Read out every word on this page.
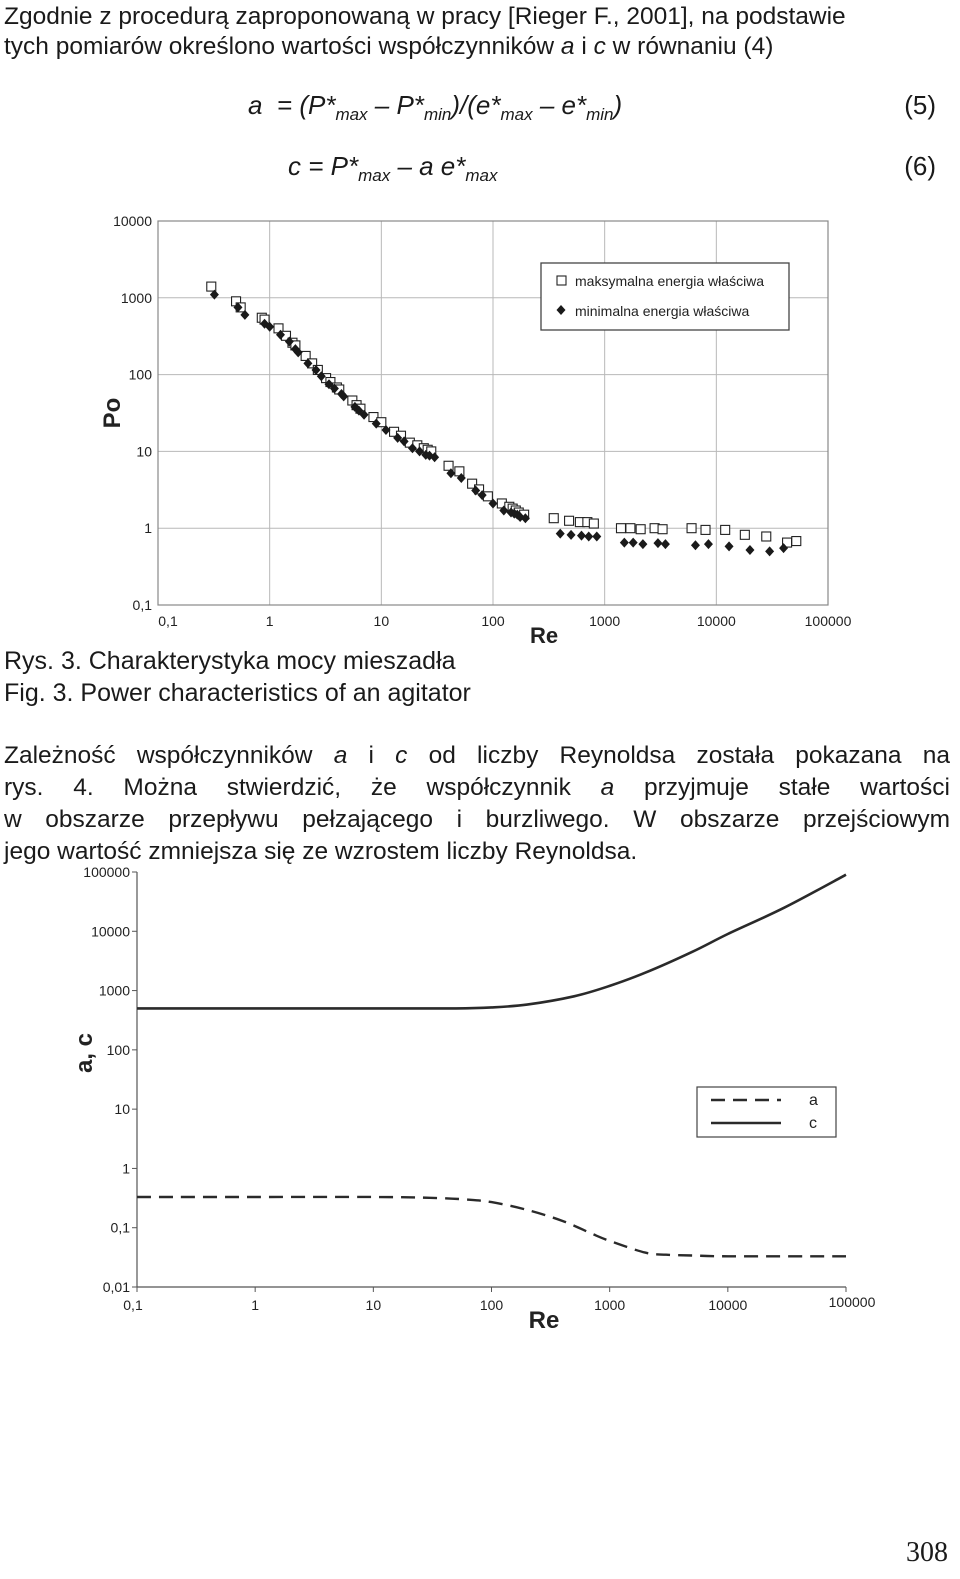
Zgodnie z procedurą zaproponowaną w pracy [Rieger F., 2001], na podstawie

tych pomiarów określono wartości współczynników a i c w równaniu (4)

$a = (P*_{max} - P*_{min})/(e*_{max} - e*_{min})$	(5)
$c = P*_{max} - a$ $e*_{max}$	(6)
0,1
1
10
100
1000
10000
0,1	1	10	100	1000	10000	100000
Re
Po
maksymalna energia właściwa
minimalna energia właściwa
Rys. 3. Charakterystyka mocy mieszadła
Fig. 3. Power characteristics of an agitator

Zależność współczynników a i c od liczby Reynoldsa została pokazana na

rys. 4. Można stwierdzić, że współczynnik a przyjmuje stałe wartości

w obszarze przepływu pełzającego i burzliwego. W obszarze przejściowym

jego wartość zmniejsza się ze wzrostem liczby Reynoldsa.

0,01
0,1
1
10
100
1000
10000
100000
0,1	1	10	100	1000	10000	100000
Re
a, c
a
c
308
